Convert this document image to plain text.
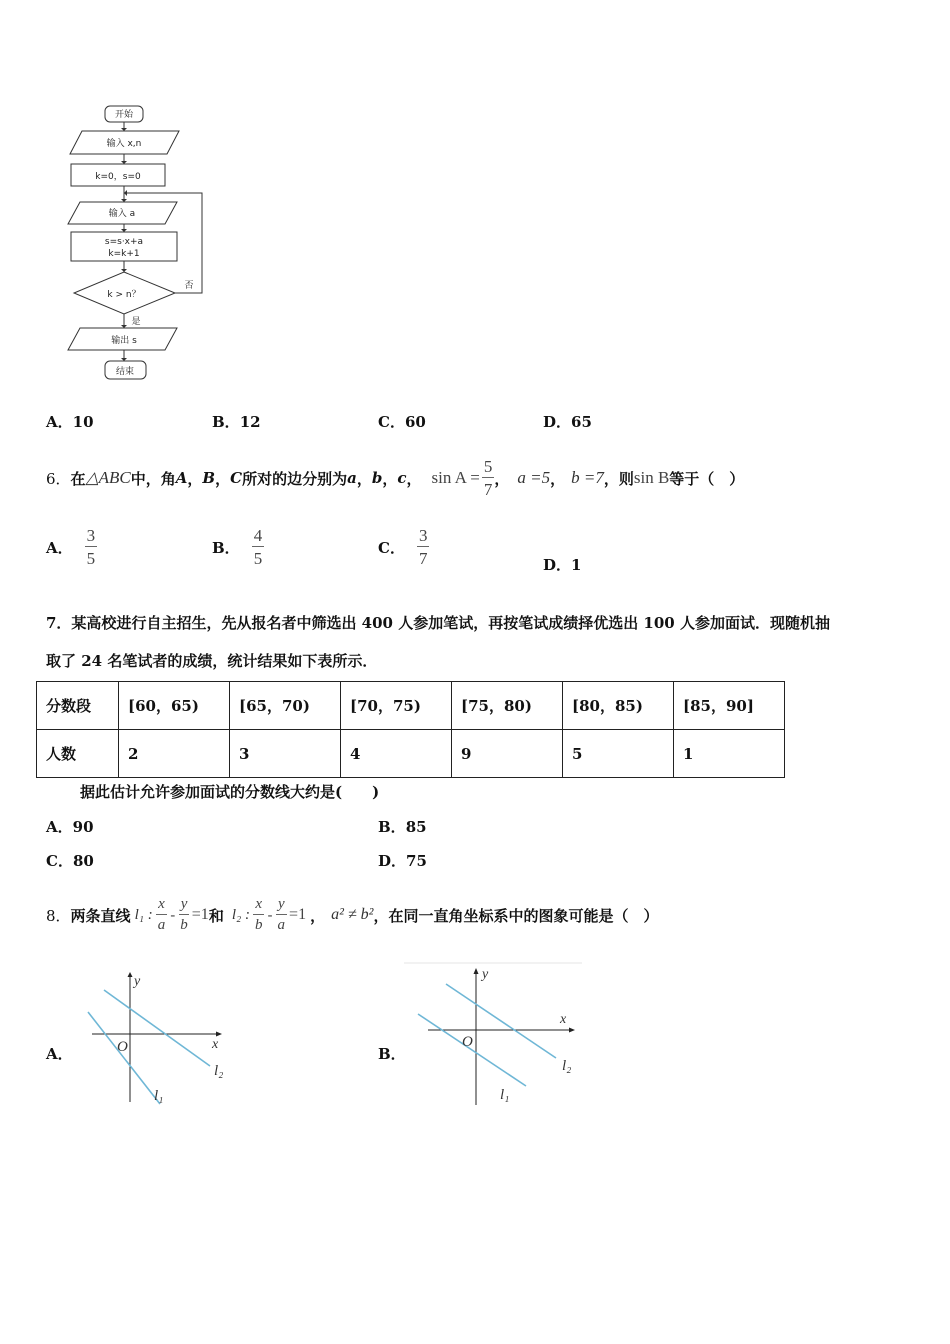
开始
输入 x,n
k=0，s=0
输入 a
s=s·x+a
k=k+1
k > n？
是
否
输出 s
结束
A．10	B．12	C．60	D．65
6． 在 △ABC 中，角 A ， B ， C 所对的边分别为 a ， b ， c ， $\sin A = \frac{5}{7}$ ， a =5 ， b =7 ，则 sin B 等于（　）
A． $\frac{3}{5}$	B． $\frac{4}{5}$	C． $\frac{3}{7}$	D．1
7．某高校进行自主招生，先从报名者中筛选出 400 人参加笔试，再按笔试成绩择优选出 100 人参加面试．现随机抽
取了 24 名笔试者的成绩，统计结果如下表所示．
分数段	[60，65)	[65，70)	[70，75)	[75，80)	[80，85)	[85，90]
人数	2	3	4	9	5	1
据此估计允许参加面试的分数线大约是(　　)
A．90	B．85
C．80	D．75
8． 两条直线 l₁ : $\frac{x}{a} - \frac{y}{b} =1$ 和 l₂ : $\frac{x}{b} - \frac{y}{a} =1$ ， a² ≠ b² ，在同一直角坐标系中的图象可能是（　）
A．	B．
x
y
O
l₂
l₁
x
y
O
l₂
l₁
